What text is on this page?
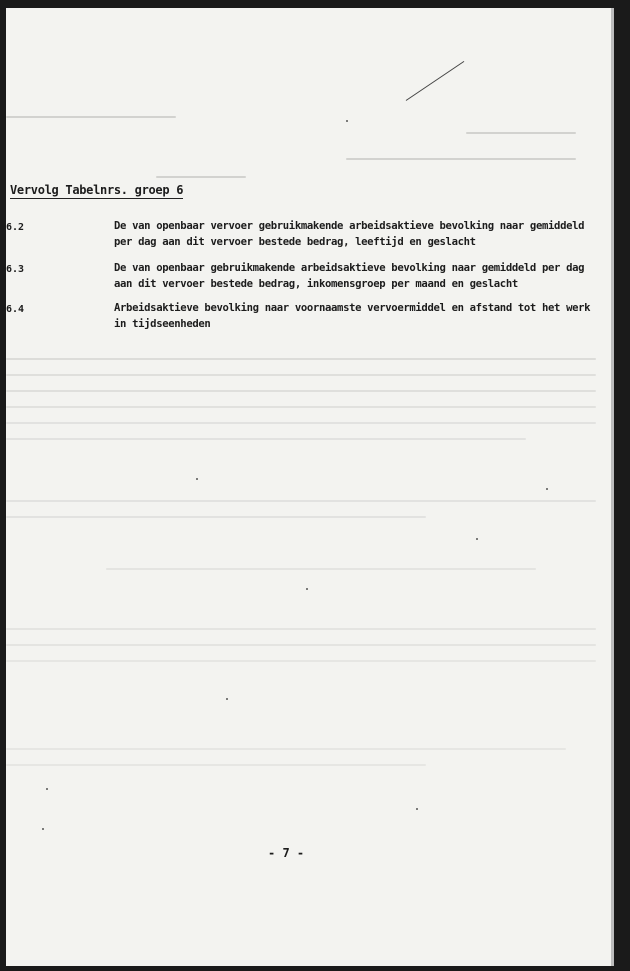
Vervolg Tabelnrs. groep 6
6.2	De van openbaar vervoer gebruikmakende arbeidsaktieve bevolking naar gemiddeld per dag aan dit vervoer bestede bedrag, leeftijd en geslacht
6.3	De van openbaar gebruikmakende arbeidsaktieve bevolking naar gemiddeld per dag aan dit vervoer bestede bedrag, inkomensgroep per maand en geslacht
6.4	Arbeidsaktieve bevolking naar voornaamste vervoermiddel en afstand tot het werk in tijdseenheden
- 7 -
